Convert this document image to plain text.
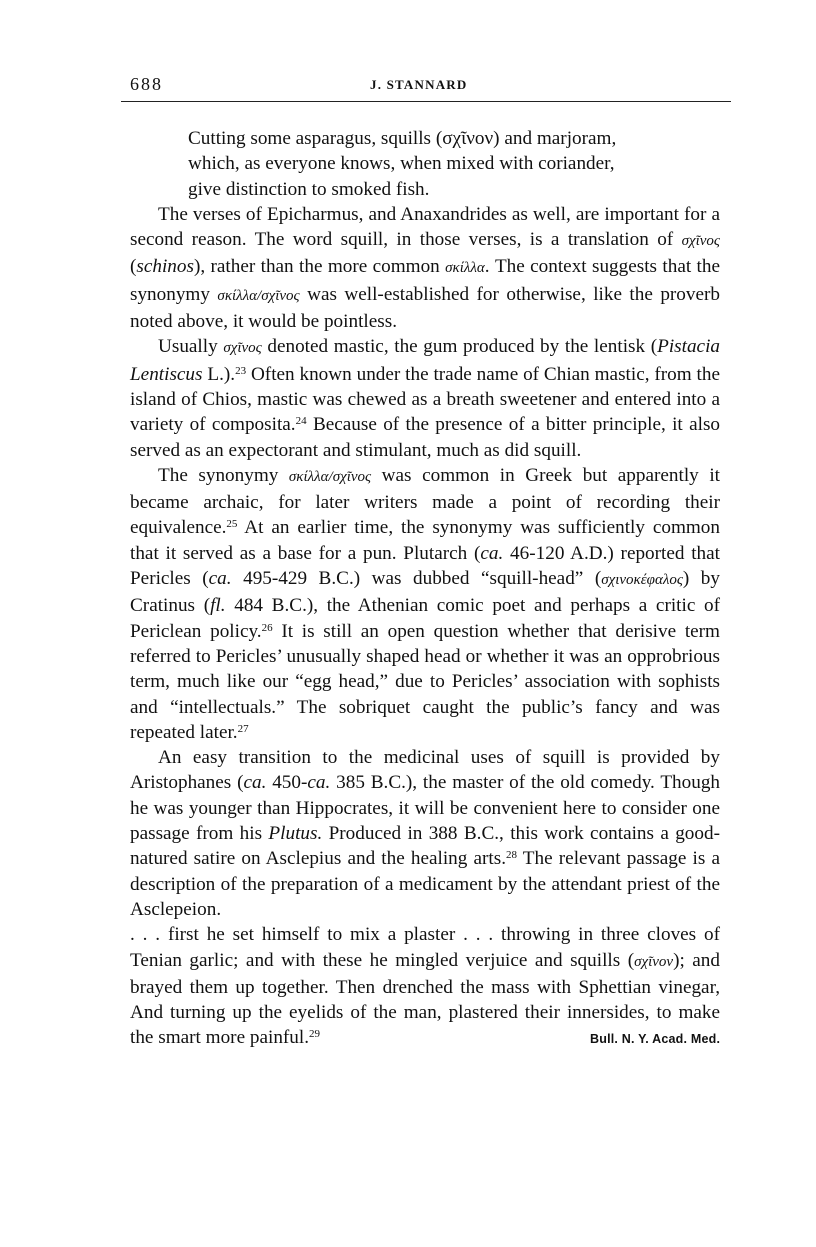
688	J. STANNARD
Cutting some asparagus, squills (σχῖνον) and marjoram,
which, as everyone knows, when mixed with coriander,
give distinction to smoked fish.

The verses of Epicharmus, and Anaxandrides as well, are important for a second reason. The word squill, in those verses, is a translation of σχῖνος (schinos), rather than the more common σκίλλα. The context suggests that the synonymy σκίλλα/σχῖνος was well-established for otherwise, like the proverb noted above, it would be pointless.

Usually σχῖνος denoted mastic, the gum produced by the lentisk (Pistacia Lentiscus L.).$^{23}$ Often known under the trade name of Chian mastic, from the island of Chios, mastic was chewed as a breath sweetener and entered into a variety of composita.$^{24}$ Because of the presence of a bitter principle, it also served as an expectorant and stimulant, much as did squill.

The synonymy σκίλλα/σχῖνος was common in Greek but apparently it became archaic, for later writers made a point of recording their equivalence.$^{25}$ At an earlier time, the synonymy was sufficiently common that it served as a base for a pun. Plutarch (ca. 46-120 A.D.) reported that Pericles (ca. 495-429 B.C.) was dubbed “squill-head” (σχινοκέφαλος) by Cratinus (fl. 484 B.C.), the Athenian comic poet and perhaps a critic of Periclean policy.$^{26}$ It is still an open question whether that derisive term referred to Pericles’ unusually shaped head or whether it was an opprobrious term, much like our “egg head,” due to Pericles’ association with sophists and “intellectuals.” The sobriquet caught the public’s fancy and was repeated later.$^{27}$

An easy transition to the medicinal uses of squill is provided by Aristophanes (ca. 450-ca. 385 B.C.), the master of the old comedy. Though he was younger than Hippocrates, it will be convenient here to consider one passage from his Plutus. Produced in 388 B.C., this work contains a good-natured satire on Asclepius and the healing arts.$^{28}$ The relevant passage is a description of the preparation of a medicament by the attendant priest of the Asclepeion.

. . . first he set himself to mix a plaster . . . throwing in three cloves of Tenian garlic; and with these he mingled verjuice and squills (σχῖνον); and brayed them up together. Then drenched the mass with Sphettian vinegar, And turning up the eyelids of the man, plastered their innersides, to make the smart more painful.$^{29}$	Bull. N. Y. Acad. Med.
